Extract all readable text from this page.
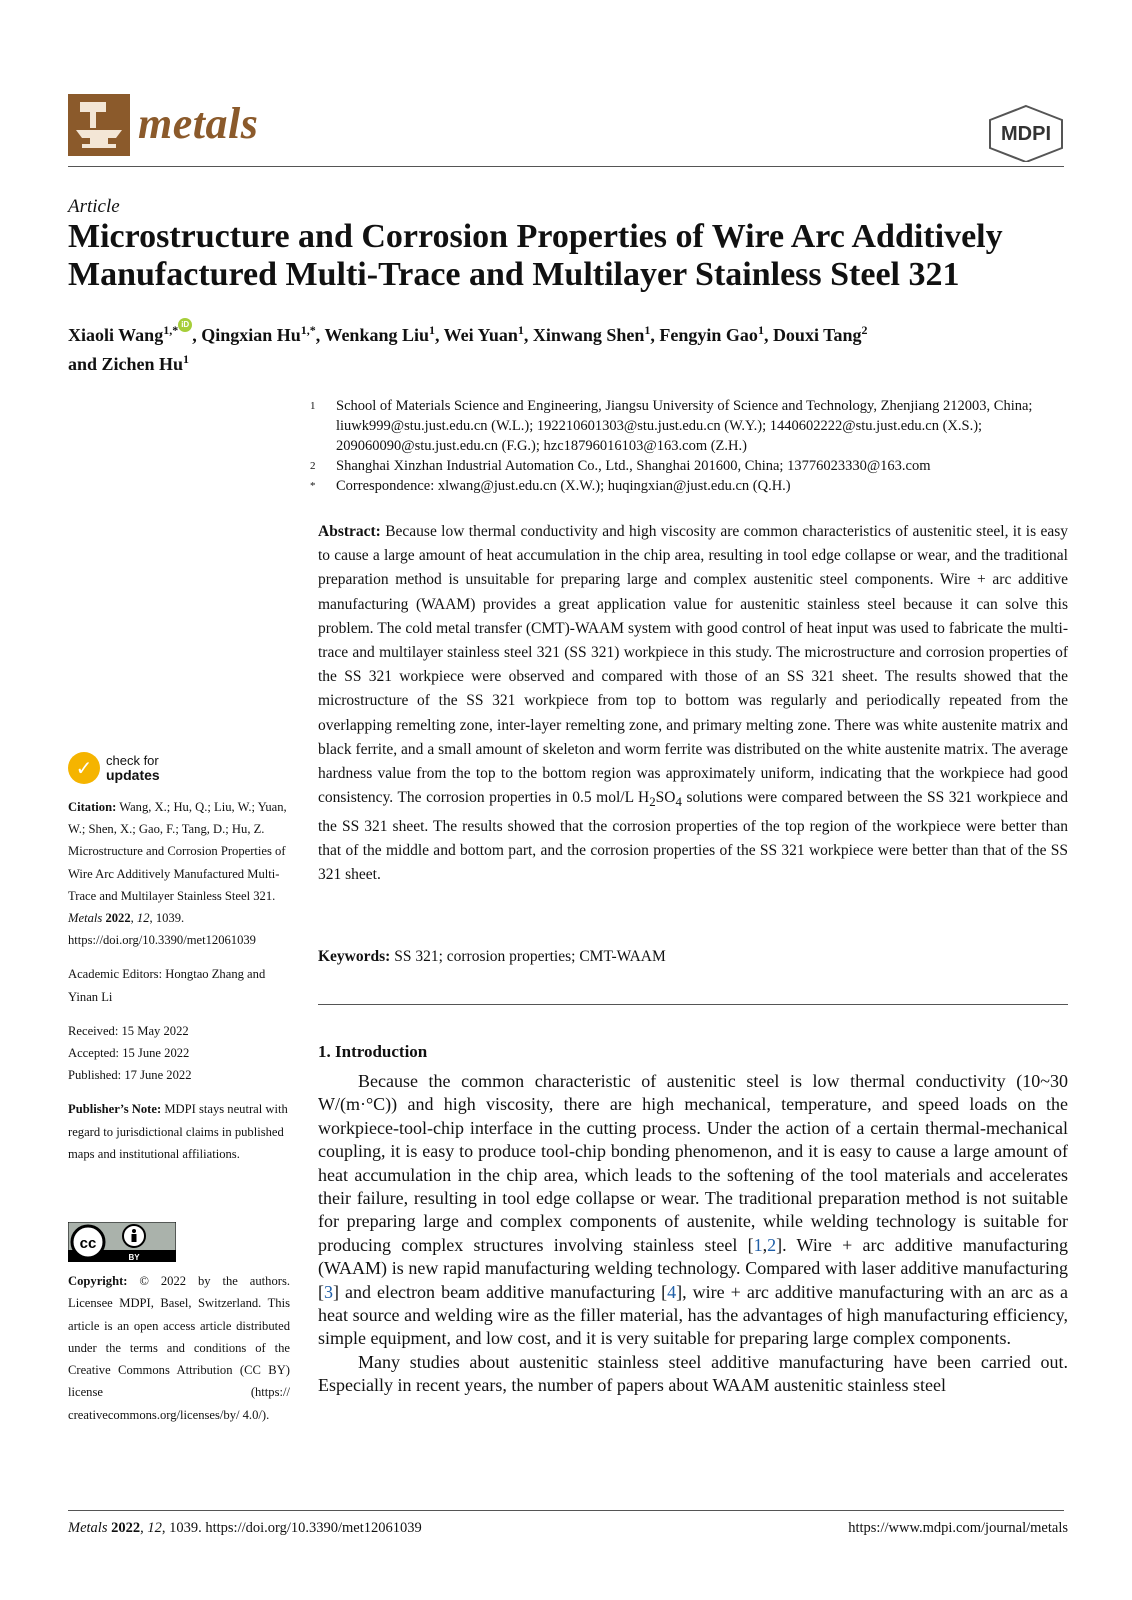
metals	MDPI
Article
Microstructure and Corrosion Properties of Wire Arc Additively Manufactured Multi-Trace and Multilayer Stainless Steel 321
Xiaoli Wang$^{1,*}$ iD, Qingxian $Hu^{1,*}$, Wenkang Liu$^1$, Wei Yuan$^1$, Xinwang Shen$^1$, Fengyin Gao$^1$, Douxi Tang$^2$
and Zichen Hu$^1$
1	School of Materials Science and Engineering, Jiangsu University of Science and Technology, Zhenjiang 212003, China; liuwk999@stu.just.edu.cn (W.L.); 192210601303@stu.just.edu.cn (W.Y.); 1440602222@stu.just.edu.cn (X.S.); 209060090@stu.just.edu.cn (F.G.); hzc18796016103@163.com (Z.H.)
2	Shanghai Xinzhan Industrial Automation Co., Ltd., Shanghai 201600, China; 13776023330@163.com
*	Correspondence: xlwang@just.edu.cn (X.W.); huqingxian@just.edu.cn (Q.H.)
Abstract: Because low thermal conductivity and high viscosity are common characteristics of austenitic steel, it is easy to cause a large amount of heat accumulation in the chip area, resulting in tool edge collapse or wear, and the traditional preparation method is unsuitable for preparing large and complex austenitic steel components. Wire + arc additive manufacturing (WAAM) provides a great application value for austenitic stainless steel because it can solve this problem. The cold metal transfer (CMT)-WAAM system with good control of heat input was used to fabricate the multi-trace and multilayer stainless steel 321 (SS 321) workpiece in this study. The microstructure and corrosion properties of the SS 321 workpiece were observed and compared with those of an SS 321 sheet. The results showed that the microstructure of the SS 321 workpiece from top to bottom was regularly and periodically repeated from the overlapping remelting zone, inter-layer remelting zone, and primary melting zone. There was white austenite matrix and black ferrite, and a small amount of skeleton and worm ferrite was distributed on the white austenite matrix. The average hardness value from the top to the bottom region was approximately uniform, indicating that the workpiece had good consistency. The corrosion properties in 0.5 mol/L $H_2SO_4$ solutions were compared between the SS 321 workpiece and the SS 321 sheet. The results showed that the corrosion properties of the top region of the workpiece were better than that of the middle and bottom part, and the corrosion properties of the SS 321 workpiece were better than that of the SS 321 sheet.
Keywords: SS 321; corrosion properties; CMT-WAAM
1. Introduction

Because the common characteristic of austenitic steel is low thermal conductivity (10~30 W/(m·°C)) and high viscosity, there are high mechanical, temperature, and speed loads on the workpiece-tool-chip interface in the cutting process. Under the action of a certain thermal-mechanical coupling, it is easy to produce tool-chip bonding phenomenon, and it is easy to cause a large amount of heat accumulation in the chip area, which leads to the softening of the tool materials and accelerates their failure, resulting in tool edge collapse or wear. The traditional preparation method is not suitable for preparing large and complex components of austenite, while welding technology is suitable for producing complex structures involving stainless steel [1,2]. Wire + arc additive manufacturing (WAAM) is new rapid manufacturing welding technology. Compared with laser additive manufacturing [3] and electron beam additive manufacturing [4], wire + arc additive manufacturing with an arc as a heat source and welding wire as the filler material, has the advantages of high manufacturing efficiency, simple equipment, and low cost, and it is very suitable for preparing large complex components.

Many studies about austenitic stainless steel additive manufacturing have been carried out. Especially in recent years, the number of papers about WAAM austenitic stainless steel

✓	check for
updates
Citation: Wang, X.; Hu, Q.; Liu, W.; Yuan, W.; Shen, X.; Gao, F.; Tang, D.; Hu, Z. Microstructure and Corrosion Properties of Wire Arc Additively Manufactured Multi-Trace and Multilayer Stainless Steel 321. Metals 2022, 12, 1039. https://doi.org/10.3390/met12061039
Academic Editors: Hongtao Zhang and Yinan Li
Received: 15 May 2022
Accepted: 15 June 2022
Published: 17 June 2022
Publisher’s Note: MDPI stays neutral with regard to jurisdictional claims in published maps and institutional affiliations.
cc
BY
Copyright: © 2022 by the authors. Licensee MDPI, Basel, Switzerland. This article is an open access article distributed under the terms and conditions of the Creative Commons Attribution (CC BY) license (https:// creativecommons.org/licenses/by/ 4.0/).
Metals 2022, 12, 1039. https://doi.org/10.3390/met12061039	https://www.mdpi.com/journal/metals
